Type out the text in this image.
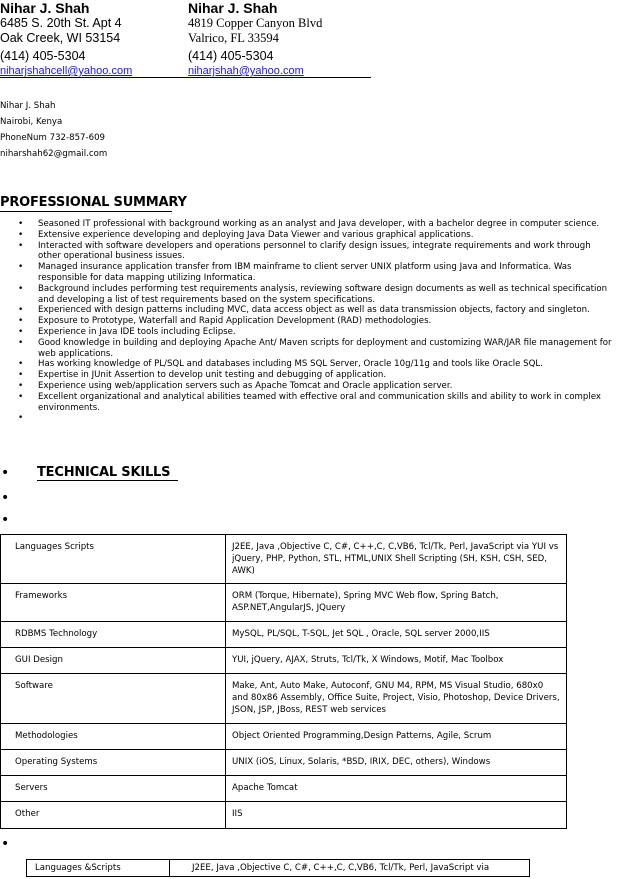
Nihar J. Shah
6485 S. 20th St. Apt 4
Oak Creek, WI 53154
(414) 405-5304
niharjshahcell@yahoo.com
Nihar J. Shah
4819 Copper Canyon Blvd
Valrico, FL 33594
(414) 405-5304
niharjshah@yahoo.com
Nihar J. Shah
Nairobi, Kenya
PhoneNum 732-857-609
niharshah62@gmail.com
PROFESSIONAL SUMMARY
• Seasoned IT professional with background working as an analyst and Java developer, with a bachelor degree in computer science.
• Extensive experience developing and deploying Java Data Viewer and various graphical applications.
• Interacted with software developers and operations personnel to clarify design issues, integrate requirements and work through other operational business issues.
• Managed insurance application transfer from IBM mainframe to client server UNIX platform using Java and Informatica. Was responsible for data mapping utilizing Informatica.
• Background includes performing test requirements analysis, reviewing software design documents as well as technical specification and developing a list of test requirements based on the system specifications.
• Experienced with design patterns including MVC, data access object as well as data transmission objects, factory and singleton.
• Exposure to Prototype, Waterfall and Rapid Application Development (RAD) methodologies.
• Experience in Java IDE tools including Eclipse.
• Good knowledge in building and deploying Apache Ant/ Maven scripts for deployment and customizing WAR/JAR file management for web applications.
• Has working knowledge of PL/SQL and databases including MS SQL Server, Oracle 10g/11g and tools like Oracle SQL.
• Expertise in JUnit Assertion to develop unit testing and debugging of application.
• Experience using web/application servers such as Apache Tomcat and Oracle application server.
• Excellent organizational and analytical abilities teamed with effective oral and communication skills and ability to work in complex environments.
•
• TECHNICAL SKILLS
•
•
Languages Scripts	J2EE, Java ,Objective C, C#, C++,C, C,VB6, Tcl/Tk, Perl, JavaScript via YUI vs jQuery, PHP, Python, STL, HTML,UNIX Shell Scripting (SH, KSH, CSH, SED, AWK)
Frameworks	ORM (Torque, Hibernate), Spring MVC Web flow, Spring Batch, ASP.NET,AngularJS, JQuery
RDBMS Technology	MySQL, PL/SQL, T-SQL, Jet SQL , Oracle, SQL server 2000,IIS
GUI Design	YUI, jQuery, AJAX, Struts, Tcl/Tk, X Windows, Motif, Mac Toolbox
Software	Make, Ant, Auto Make, Autoconf, GNU M4, RPM, MS Visual Studio, 680x0 and 80x86 Assembly, Office Suite, Project, Visio, Photoshop, Device Drivers, JSON, JSP, JBoss, REST web services
Methodologies	Object Oriented Programming,Design Patterns, Agile, Scrum
Operating Systems	UNIX (iOS, Linux, Solaris, *BSD, IRIX, DEC, others), Windows
Servers	Apache Tomcat
Other	IIS
•
Languages &Scripts	J2EE, Java ,Objective C, C#, C++,C, C,VB6, Tcl/Tk, Perl, JavaScript via
